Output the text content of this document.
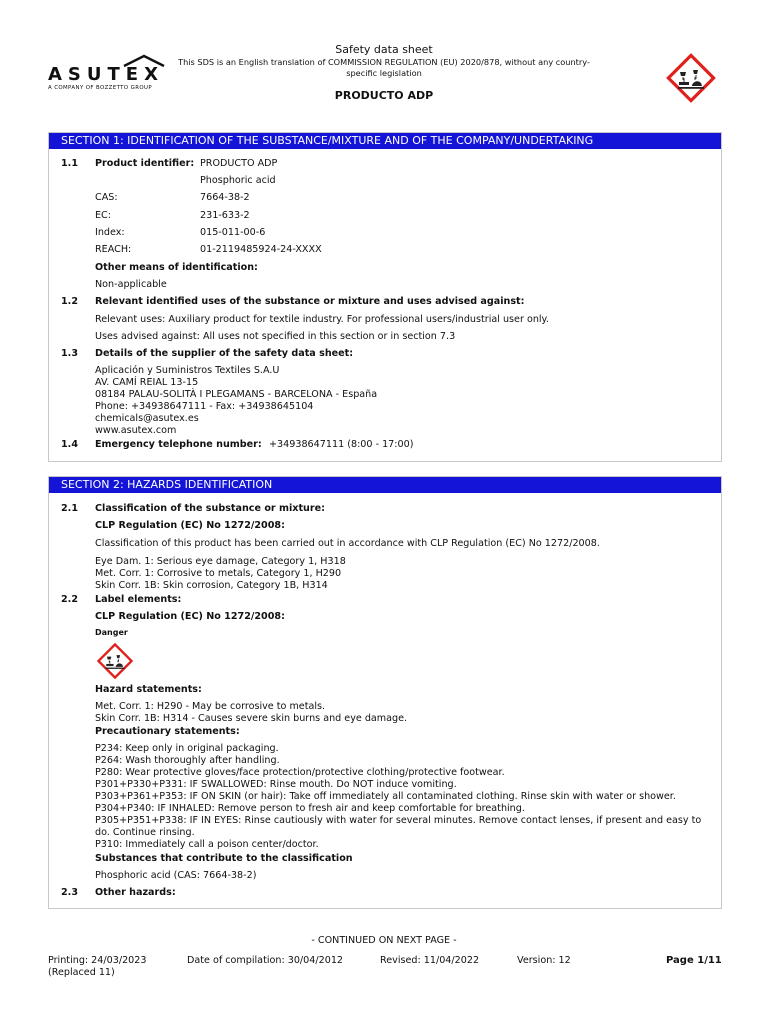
Safety data sheet
This SDS is an English translation of COMMISSION REGULATION (EU) 2020/878, without any country-specific legislation
PRODUCTO ADP
ASUTEX
A COMPANY OF BOZZETTO GROUP
SECTION 1: IDENTIFICATION OF THE SUBSTANCE/MIXTURE AND OF THE COMPANY/UNDERTAKING
1.1 Product identifier: PRODUCTO ADP
Phosphoric acid
CAS:	7664-38-2
EC:	231-633-2
Index:	015-011-00-6
REACH:	01-2119485924-24-XXXX
Other means of identification:
Non-applicable
1.2 Relevant identified uses of the substance or mixture and uses advised against:
Relevant uses: Auxiliary product for textile industry. For professional users/industrial user only.
Uses advised against: All uses not specified in this section or in section 7.3
1.3 Details of the supplier of the safety data sheet:
Aplicación y Suministros Textiles S.A.U
AV. CAMÍ REIAL 13-15
08184 PALAU-SOLITÀ I PLEGAMANS - BARCELONA - España
Phone: +34938647111 - Fax: +34938645104
chemicals@asutex.es
www.asutex.com
1.4 Emergency telephone number: +34938647111 (8:00 - 17:00)
SECTION 2: HAZARDS IDENTIFICATION
2.1 Classification of the substance or mixture:
CLP Regulation (EC) No 1272/2008:
Classification of this product has been carried out in accordance with CLP Regulation (EC) No 1272/2008.
Eye Dam. 1: Serious eye damage, Category 1, H318
Met. Corr. 1: Corrosive to metals, Category 1, H290
Skin Corr. 1B: Skin corrosion, Category 1B, H314
2.2 Label elements:
CLP Regulation (EC) No 1272/2008:
Danger
Hazard statements:
Met. Corr. 1: H290 - May be corrosive to metals.
Skin Corr. 1B: H314 - Causes severe skin burns and eye damage.
Precautionary statements:
P234: Keep only in original packaging.
P264: Wash thoroughly after handling.
P280: Wear protective gloves/face protection/protective clothing/protective footwear.
P301+P330+P331: IF SWALLOWED: Rinse mouth. Do NOT induce vomiting.
P303+P361+P353: IF ON SKIN (or hair): Take off immediately all contaminated clothing. Rinse skin with water or shower.
P304+P340: IF INHALED: Remove person to fresh air and keep comfortable for breathing.
P305+P351+P338: IF IN EYES: Rinse cautiously with water for several minutes. Remove contact lenses, if present and easy to
do. Continue rinsing.
P310: Immediately call a poison center/doctor.
Substances that contribute to the classification
Phosphoric acid (CAS: 7664-38-2)
2.3 Other hazards:
- CONTINUED ON NEXT PAGE -
Printing: 24/03/2023
(Replaced 11)
Date of compilation: 30/04/2012	Revised: 11/04/2022	Version: 12	Page 1/11
